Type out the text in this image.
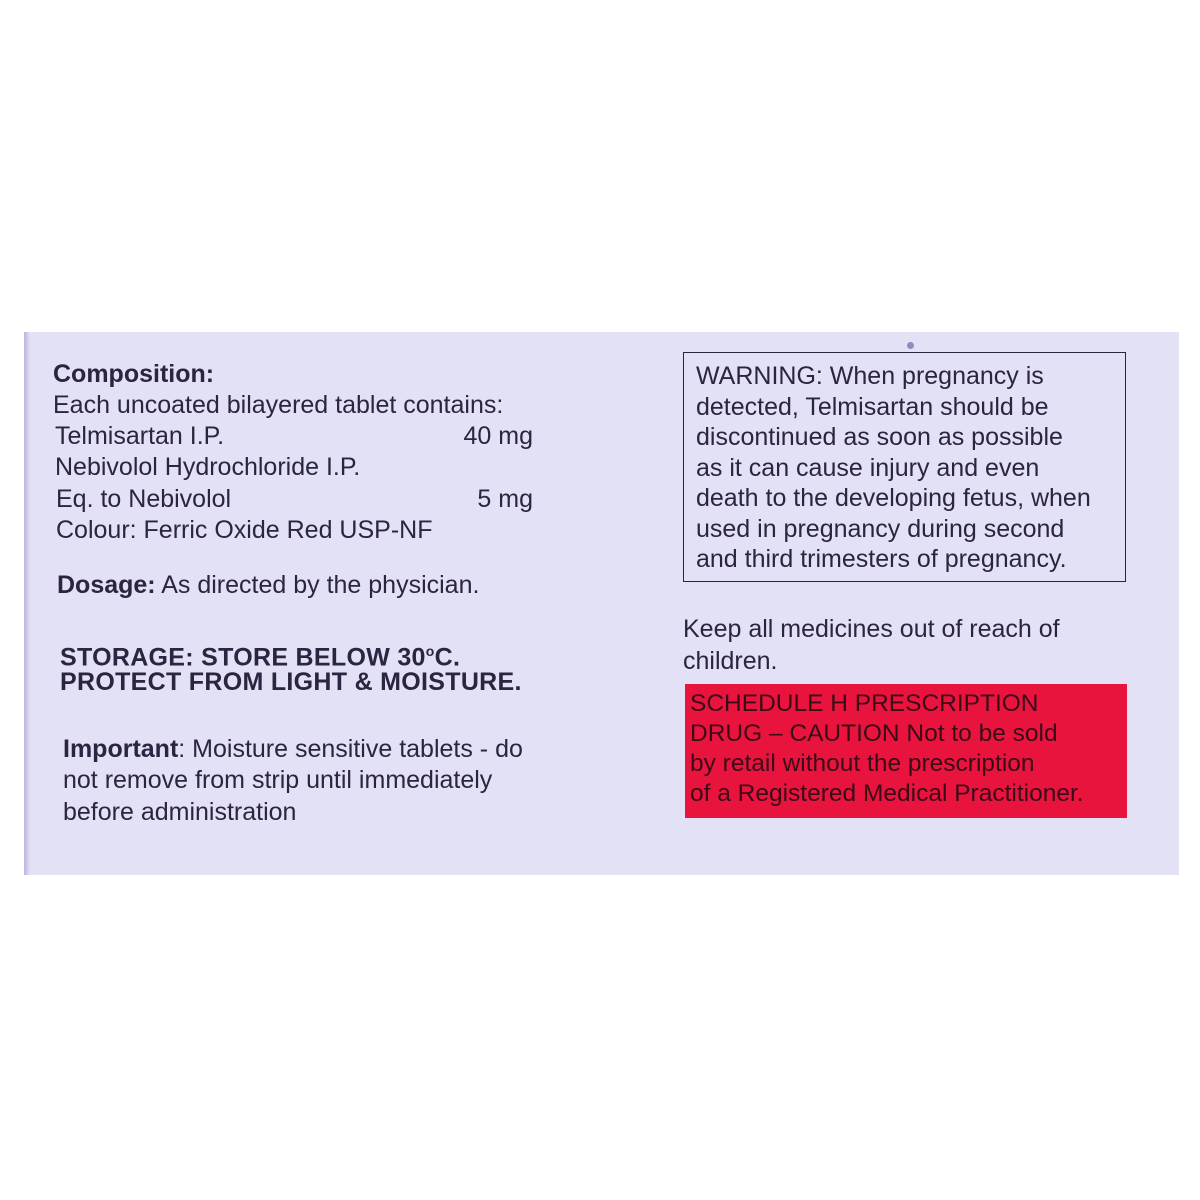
Composition:
Each uncoated bilayered tablet contains:
Telmisartan I.P.	40 mg
Nebivolol Hydrochloride I.P.
Eq. to Nebivolol	5 mg
Colour: Ferric Oxide Red USP-NF
Dosage: As directed by the physician.
STORAGE: STORE BELOW 30$^o$C.
PROTECT FROM LIGHT & MOISTURE.
Important: Moisture sensitive tablets - do
not remove from strip until immediately
before administration
WARNING: When pregnancy is
detected, Telmisartan should be
discontinued as soon as possible
as it can cause injury and even
death to the developing fetus, when
used in pregnancy during second
and third trimesters of pregnancy.
Keep all medicines out of reach of
children.
SCHEDULE H PRESCRIPTION
DRUG – CAUTION Not to be sold
by retail without the prescription
of a Registered Medical Practitioner.
